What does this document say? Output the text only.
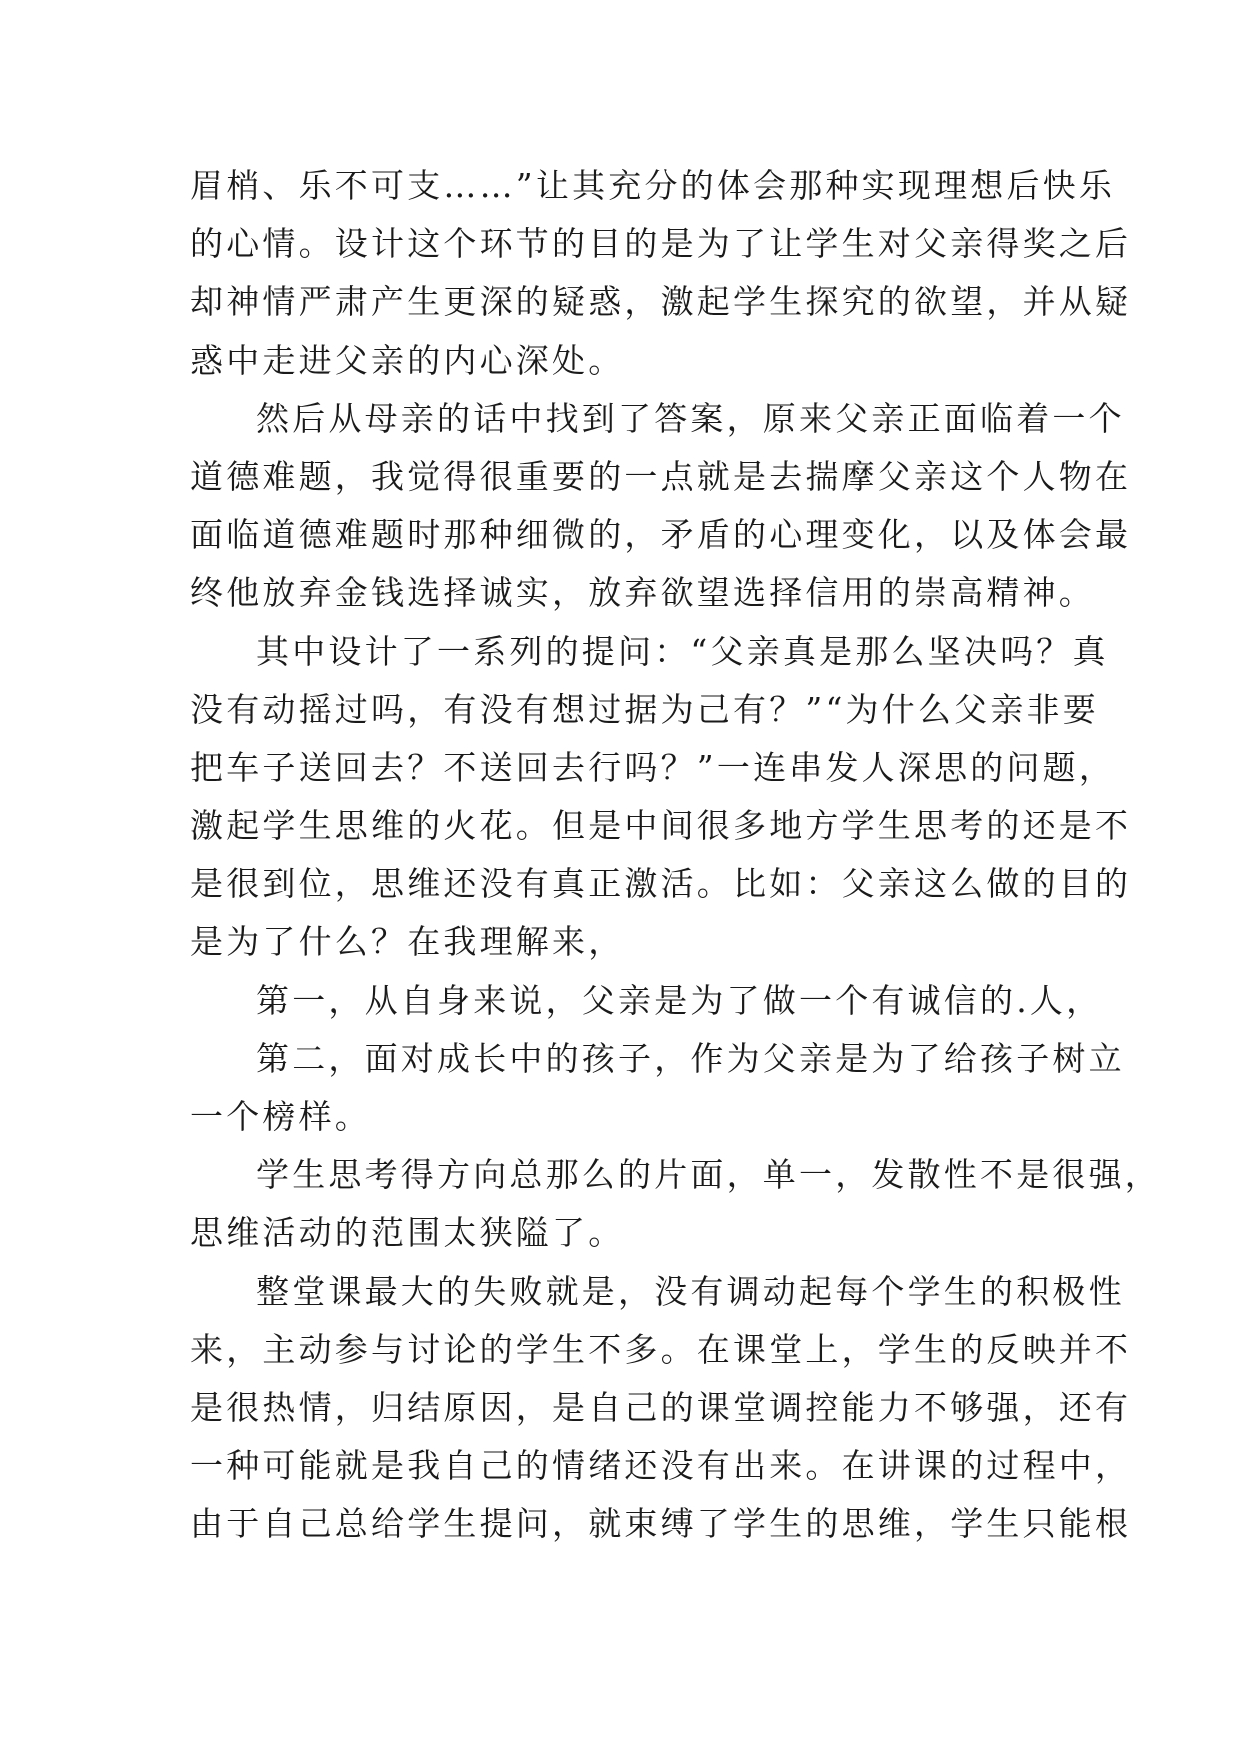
眉梢、乐不可支……”让其充分的体会那种实现理想后快乐
的心情。设计这个环节的目的是为了让学生对父亲得奖之后
却神情严肃产生更深的疑惑，激起学生探究的欲望，并从疑
惑中走进父亲的内心深处。
然后从母亲的话中找到了答案，原来父亲正面临着一个
道德难题，我觉得很重要的一点就是去揣摩父亲这个人物在
面临道德难题时那种细微的，矛盾的心理变化，以及体会最
终他放弃金钱选择诚实，放弃欲望选择信用的崇高精神。
其中设计了一系列的提问：“父亲真是那么坚决吗？真
没有动摇过吗，有没有想过据为己有？”“为什么父亲非要
把车子送回去？不送回去行吗？”一连串发人深思的问题，
激起学生思维的火花。但是中间很多地方学生思考的还是不
是很到位，思维还没有真正激活。比如：父亲这么做的目的
是为了什么？在我理解来，
第一，从自身来说，父亲是为了做一个有诚信的.人，
第二，面对成长中的孩子，作为父亲是为了给孩子树立
一个榜样。
学生思考得方向总那么的片面，单一，发散性不是很强，
思维活动的范围太狭隘了。
整堂课最大的失败就是，没有调动起每个学生的积极性
来，主动参与讨论的学生不多。在课堂上，学生的反映并不
是很热情，归结原因，是自己的课堂调控能力不够强，还有
一种可能就是我自己的情绪还没有出来。在讲课的过程中，
由于自己总给学生提问，就束缚了学生的思维，学生只能根
